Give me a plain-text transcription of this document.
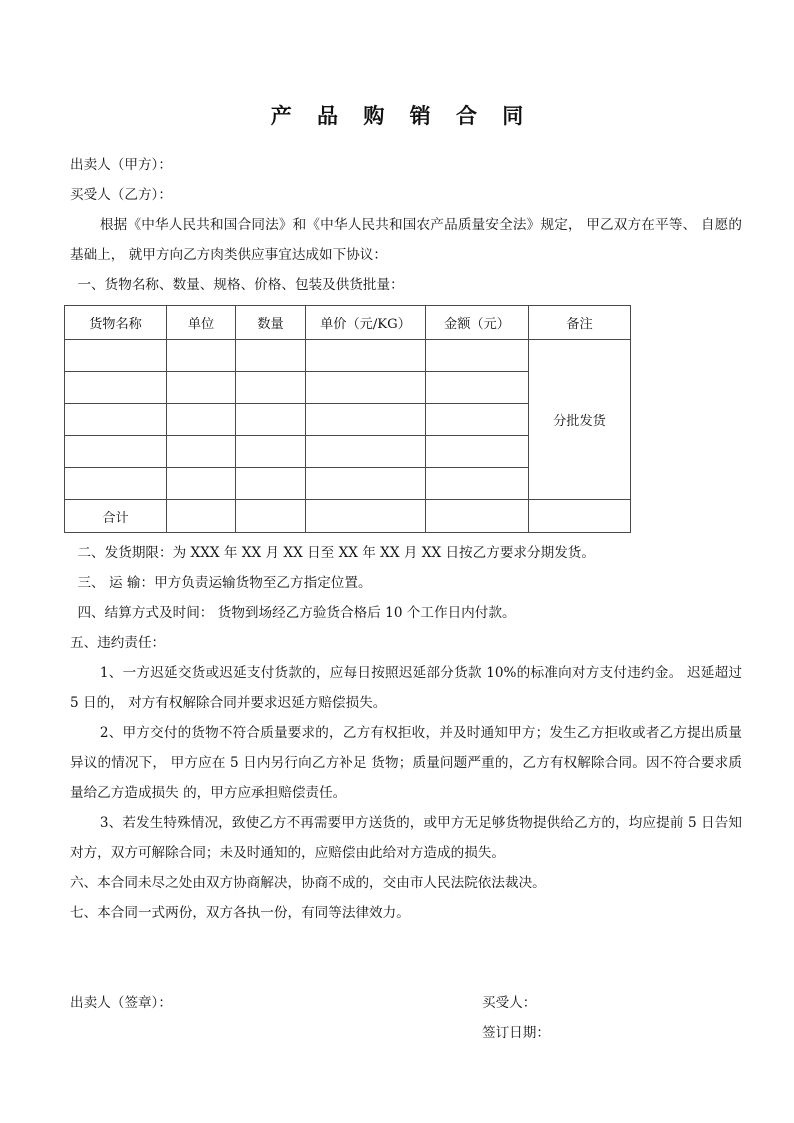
产 品 购 销 合 同

出卖人（甲方）：

买受人（乙方）：

根据《中华人民共和国合同法》和《中华人民共和国农产品质量安全法》规定， 甲乙双方在平等、 自愿的基础上， 就甲方向乙方肉类供应事宜达成如下协议：

一、货物名称、数量、规格、价格、包装及供货批量：

货物名称	单位	数量	单价（元/KG）	金额（元）	备注
					分批发货

合计					

二、发货期限：为 XXX 年 XX 月 XX 日至 XX 年 XX 月 XX 日按乙方要求分期发货。

三、 运 输：甲方负责运输货物至乙方指定位置。

四、结算方式及时间： 货物到场经乙方验货合格后 10 个工作日内付款。

五、违约责任：

1、一方迟延交货或迟延支付货款的，应每日按照迟延部分货款 10%的标准向对方支付违约金。 迟延超过 5 日的， 对方有权解除合同并要求迟延方赔偿损失。

2、甲方交付的货物不符合质量要求的，乙方有权拒收，并及时通知甲方；发生乙方拒收或者乙方提出质量异议的情况下， 甲方应在 5 日内另行向乙方补足 货物；质量问题严重的，乙方有权解除合同。因不符合要求质量给乙方造成损失 的，甲方应承担赔偿责任。

3、若发生特殊情况，致使乙方不再需要甲方送货的，或甲方无足够货物提供给乙方的，均应提前 5 日告知对方，双方可解除合同；未及时通知的，应赔偿由此给对方造成的损失。

六、本合同未尽之处由双方协商解决，协商不成的，交由市人民法院依法裁决。

七、本合同一式两份，双方各执一份，有同等法律效力。

出卖人（签章）：	买受人：
签订日期：
